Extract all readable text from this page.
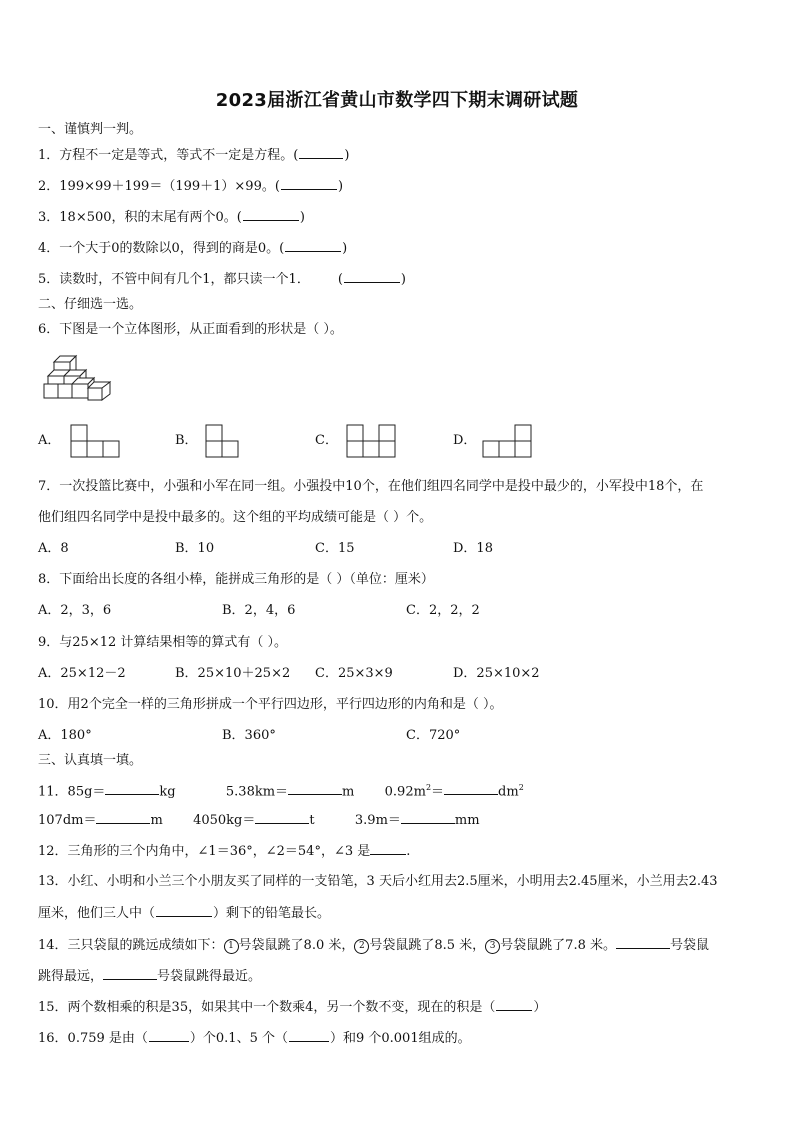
2023届浙江省黄山市数学四下期末调研试题
一、谨慎判一判。
1．方程不一定是等式，等式不一定是方程。(	)
2．199×99＋199＝（199＋1）×99。(	)
3．18×500，积的末尾有两个0。(	)
4．一个大于0的数除以0，得到的商是0。(	)
5．读数时，不管中间有几个1，都只读一个1． (	)
二、仔细选一选。
6．下图是一个立体图形，从正面看到的形状是（ ）。
A．	B．	C．	D．
7．一次投篮比赛中，小强和小军在同一组。小强投中10个，在他们组四名同学中是投中最少的，小军投中18个，在
他们组四名同学中是投中最多的。这个组的平均成绩可能是（ ）个。
A．8	B．10	C．15	D．18
8．下面给出长度的各组小棒，能拼成三角形的是（ ）（单位：厘米）
A．2，3，6	B．2，4，6	C．2，2，2
9．与25×12 计算结果相等的算式有（ ）。
A．25×12－2	B．25×10＋25×2 C．25×3×9	D．25×10×2
10．用2个完全一样的三角形拼成一个平行四边形，平行四边形的内角和是（ ）。
A．180°	B．360°	C．720°
三、认真填一填。
11．85g＝	kg	5.38km＝	m $0.92m^2=$	$dm^2$
107dm＝	m 4050kg＝	t	3.9m＝	mm
12．三角形的三个内角中，∠1＝36°，∠2＝54°，∠3 是	.
13．小红、小明和小兰三个小朋友买了同样的一支铅笔，3 天后小红用去2.5厘米，小明用去2.45厘米，小兰用去2.43
厘米，他们三人中（	）剩下的铅笔最长。
14．三只袋鼠的跳远成绩如下： 1 号袋鼠跳了8.0 米， 2 号袋鼠跳了8.5 米， 3 号袋鼠跳了7.8 米。	号袋鼠
跳得最远，	号袋鼠跳得最近。
15．两个数相乘的积是35，如果其中一个数乘4，另一个数不变，现在的积是（	）
16．0.759 是由（	）个0.1、5 个（	）和9 个0.001组成的。
